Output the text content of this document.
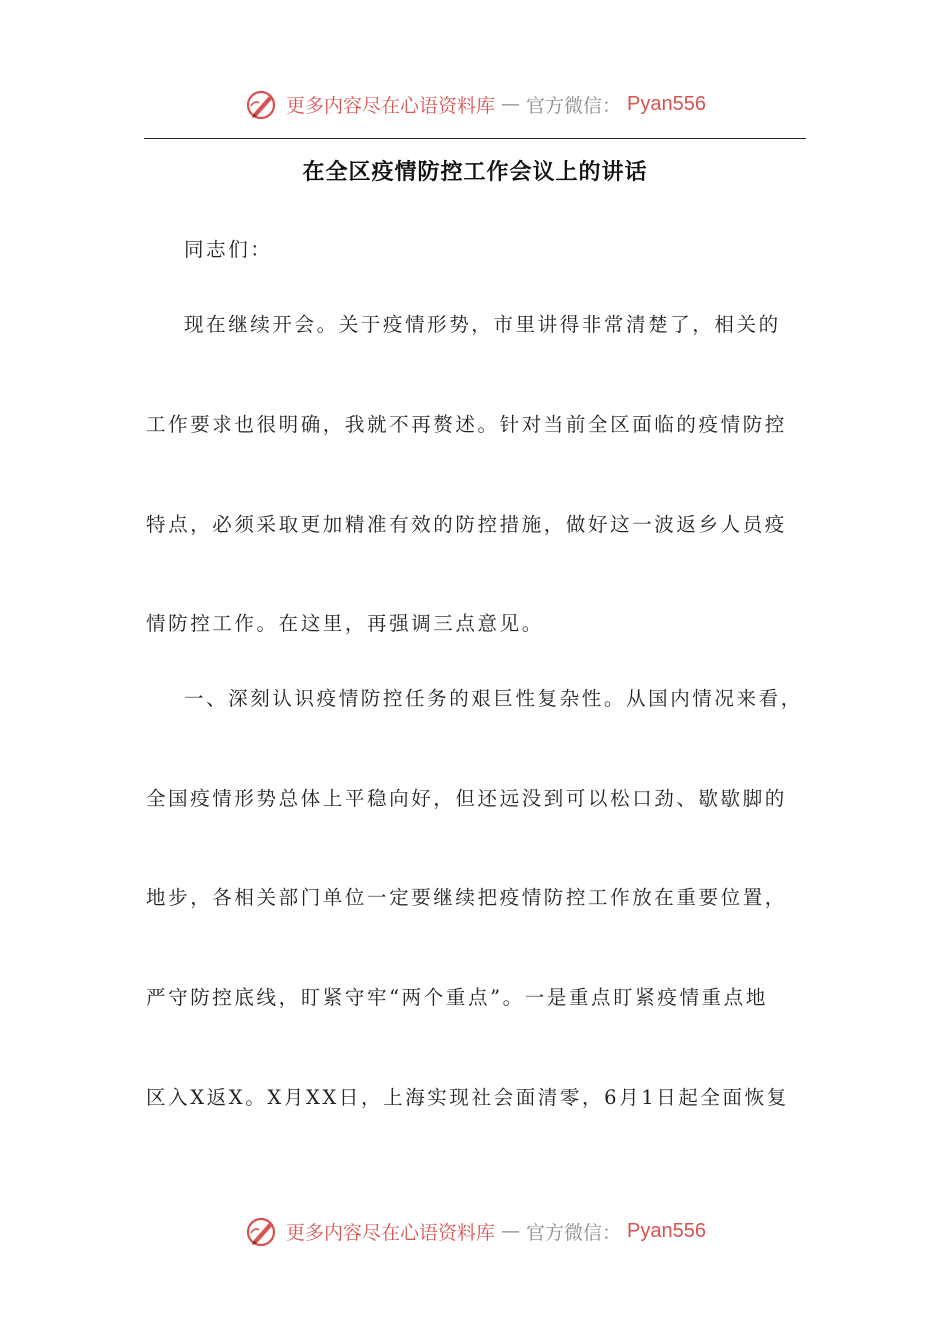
更多内容尽在心语资料库 — 官方微信： Pyan556
在全区疫情防控工作会议上的讲话
同志们：
现在继续开会。关于疫情形势，市里讲得非常清楚了，相关的
工作要求也很明确，我就不再赘述。针对当前全区面临的疫情防控
特点，必须采取更加精准有效的防控措施，做好这一波返乡人员疫
情防控工作。在这里，再强调三点意见。
一、深刻认识疫情防控任务的艰巨性复杂性。从国内情况来看，
全国疫情形势总体上平稳向好，但还远没到可以松口劲、歇歇脚的
地步，各相关部门单位一定要继续把疫情防控工作放在重要位置，
严守防控底线，盯紧守牢“两个重点”。一是重点盯紧疫情重点地
区入X返X。X月XX日，上海实现社会面清零，6月1日起全面恢复
更多内容尽在心语资料库 — 官方微信： Pyan556
